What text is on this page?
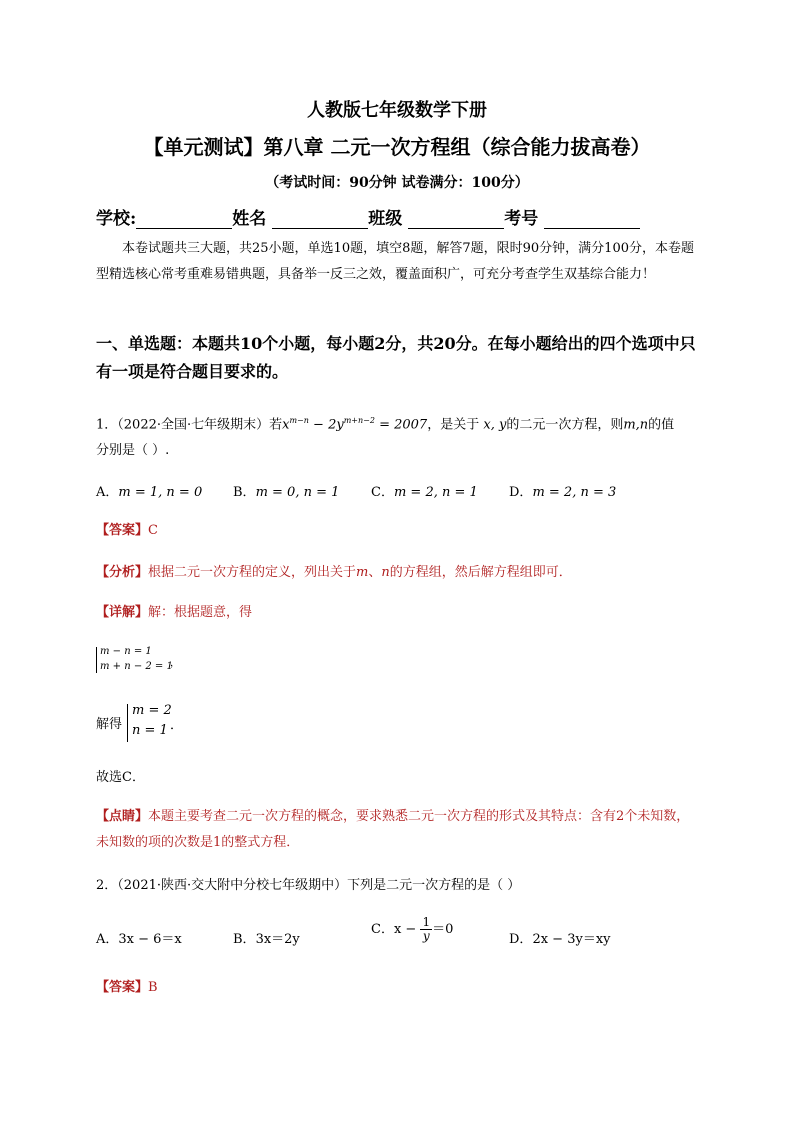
人教版七年级数学下册
【单元测试】第八章 二元一次方程组（综合能力拔高卷）
（考试时间：90分钟 试卷满分：100分）
学校:	姓名	班级	考号
本卷试题共三大题，共25小题，单选10题，填空8题，解答7题，限时90分钟，满分100分，本卷题型精选核心常考重难易错典题，具备举一反三之效，覆盖面积广，可充分考查学生双基综合能力！
一、单选题：本题共10个小题，每小题2分，共20分。在每小题给出的四个选项中只有一项是符合题目要求的。
1．（2022·全国·七年级期末）若$x^{m-n} - 2y^{m+n-2} = 2007$，是关于 x, y的二元一次方程，则m,n的值
分别是（ ）.
A．m = 1, n = 0 B．m = 0, n = 1 C．m = 2, n = 1 D．m = 2, n = 3
【答案】C
【分析】根据二元一次方程的定义，列出关于m、n的方程组，然后解方程组即可．
【详解】解：根据题意，得
m − n = 1
m + n − 2 = 1
，
解得
m = 2
n = 1 ．
故选C．
【点睛】本题主要考查二元一次方程的概念，要求熟悉二元一次方程的形式及其特点：含有2个未知数，未知数的项的次数是1的整式方程．
2．（2021·陕西·交大附中分校七年级期中）下列是二元一次方程的是（ ）
A．3x − 6＝x	B．3x＝2y
C．$x - \frac{1}{y} =0$
D．2x − 3y＝xy
【答案】B
